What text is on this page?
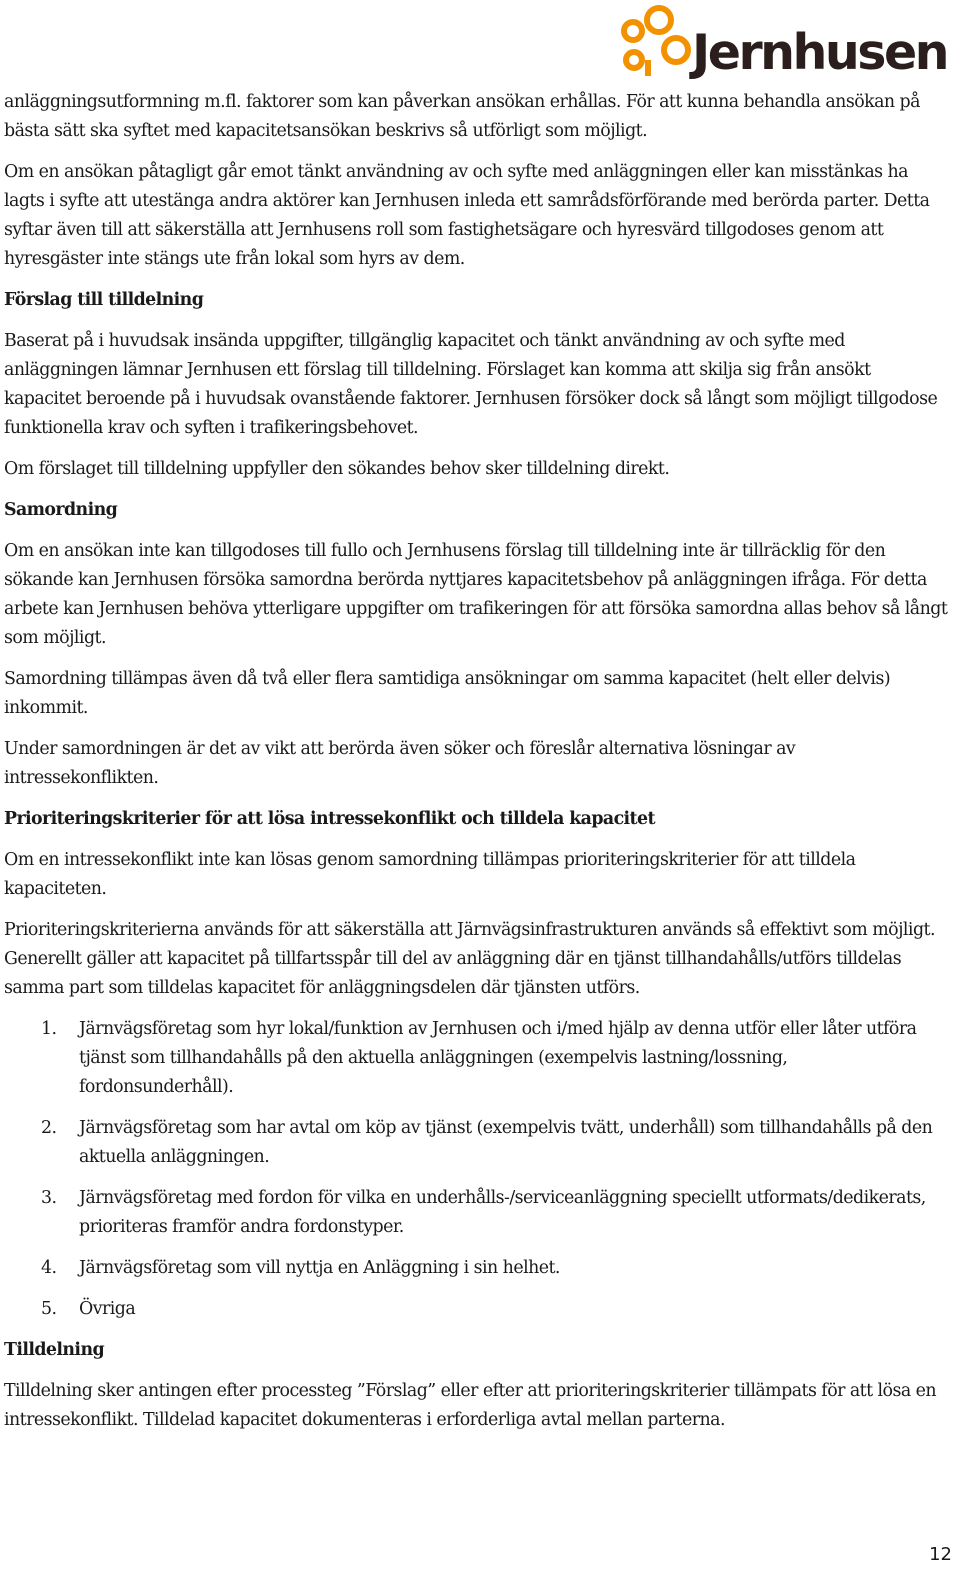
Jernhusen

anläggningsutformning m.fl. faktorer som kan påverkan ansökan erhållas. För att kunna behandla ansökan på bästa sätt ska syftet med kapacitetsansökan beskrivs så utförligt som möjligt.

Om en ansökan påtagligt går emot tänkt användning av och syfte med anläggningen eller kan misstänkas ha lagts i syfte att utestänga andra aktörer kan Jernhusen inleda ett samrådsförförande med berörda parter. Detta syftar även till att säkerställa att Jernhusens roll som fastighetsägare och hyresvärd tillgodoses genom att hyresgäster inte stängs ute från lokal som hyrs av dem.

Förslag till tilldelning

Baserat på i huvudsak insända uppgifter, tillgänglig kapacitet och tänkt användning av och syfte med anläggningen lämnar Jernhusen ett förslag till tilldelning. Förslaget kan komma att skilja sig från ansökt kapacitet beroende på i huvudsak ovanstående faktorer. Jernhusen försöker dock så långt som möjligt tillgodose funktionella krav och syften i trafikeringsbehovet.

Om förslaget till tilldelning uppfyller den sökandes behov sker tilldelning direkt.

Samordning

Om en ansökan inte kan tillgodoses till fullo och Jernhusens förslag till tilldelning inte är tillräcklig för den sökande kan Jernhusen försöka samordna berörda nyttjares kapacitetsbehov på anläggningen ifråga. För detta arbete kan Jernhusen behöva ytterligare uppgifter om trafikeringen för att försöka samordna allas behov så långt som möjligt.

Samordning tillämpas även då två eller flera samtidiga ansökningar om samma kapacitet (helt eller delvis) inkommit.

Under samordningen är det av vikt att berörda även söker och föreslår alternativa lösningar av intressekonflikten.

Prioriteringskriterier för att lösa intressekonflikt och tilldela kapacitet

Om en intressekonflikt inte kan lösas genom samordning tillämpas prioriteringskriterier för att tilldela kapaciteten.

Prioriteringskriterierna används för att säkerställa att Järnvägsinfrastrukturen används så effektivt som möjligt. Generellt gäller att kapacitet på tillfartsspår till del av anläggning där en tjänst tillhandahålls/utförs tilldelas samma part som tilldelas kapacitet för anläggningsdelen där tjänsten utförs.

1.	Järnvägsföretag som hyr lokal/funktion av Jernhusen och i/med hjälp av denna utför eller låter utföra tjänst som tillhandahålls på den aktuella anläggningen (exempelvis lastning/lossning, fordonsunderhåll).
2.	Järnvägsföretag som har avtal om köp av tjänst (exempelvis tvätt, underhåll) som tillhandahålls på den aktuella anläggningen.
3.	Järnvägsföretag med fordon för vilka en underhålls-/serviceanläggning speciellt utformats/dedikerats, prioriteras framför andra fordonstyper.
4.	Järnvägsföretag som vill nyttja en Anläggning i sin helhet.
5.	Övriga
Tilldelning

Tilldelning sker antingen efter processteg ”Förslag” eller efter att prioriteringskriterier tillämpats för att lösa en intressekonflikt. Tilldelad kapacitet dokumenteras i erforderliga avtal mellan parterna.

12
